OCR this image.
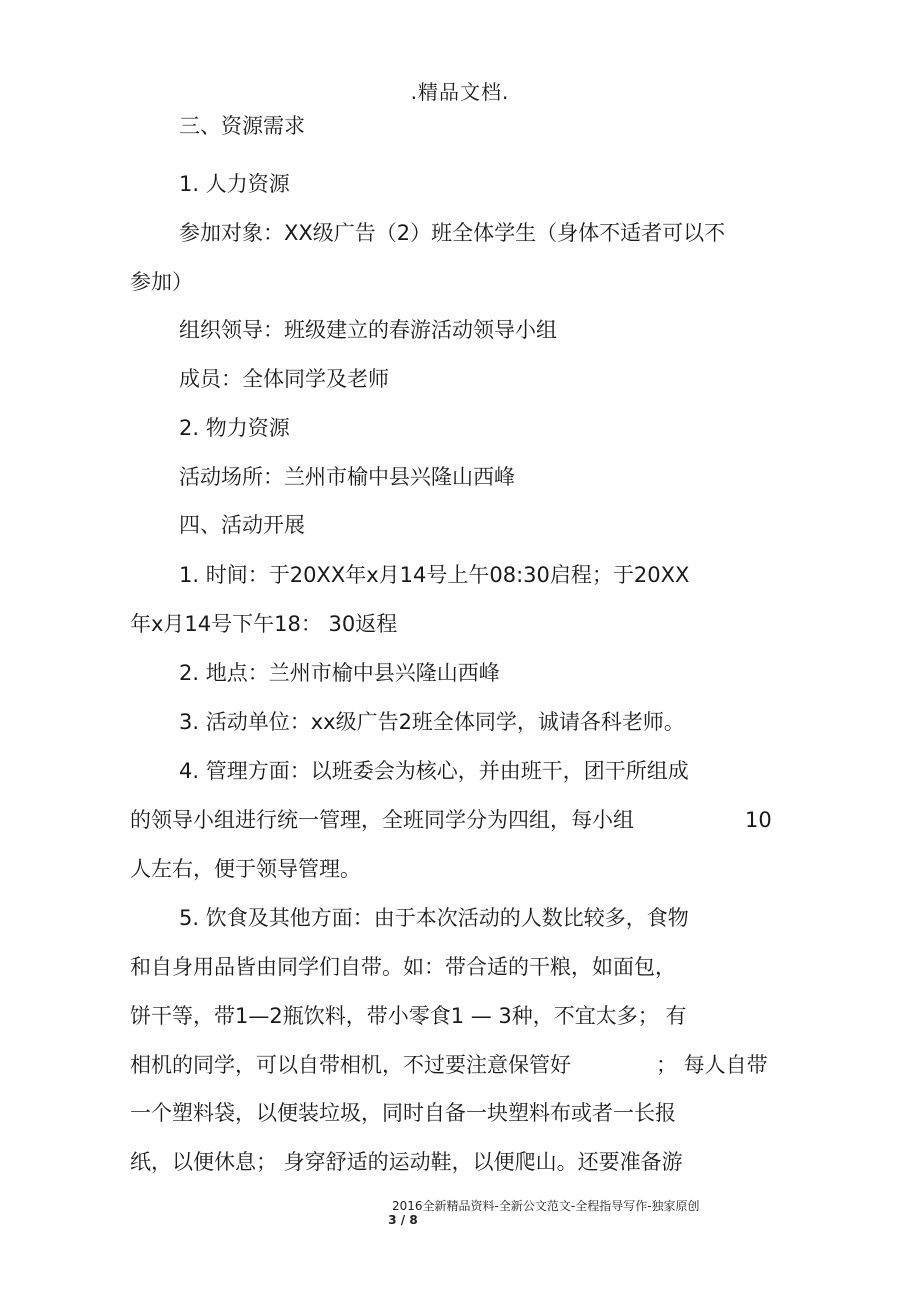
.精品文档.
三、资源需求
1. 人力资源
参加对象：XX级广告（2）班全体学生（身体不适者可以不
参加）
组织领导：班级建立的春游活动领导小组
成员：全体同学及老师
2. 物力资源
活动场所：兰州市榆中县兴隆山西峰
四、活动开展
1. 时间：于20XX年x月14号上午08:30启程；于20XX
年x月14号下午18： 30返程
2. 地点：兰州市榆中县兴隆山西峰
3. 活动单位：xx级广告2班全体同学，诚请各科老师。
4. 管理方面：以班委会为核心，并由班干，团干所组成
的领导小组进行统一管理，全班同学分为四组，每小组	10
人左右，便于领导管理。
5. 饮食及其他方面：由于本次活动的人数比较多，食物
和自身用品皆由同学们自带。如：带合适的干粮，如面包，
饼干等，带1—2瓶饮料，带小零食1 — 3种，不宜太多； 有
相机的同学，可以自带相机，不过要注意保管好	； 每人自带
一个塑料袋，以便装垃圾，同时自备一块塑料布或者一长报
纸，以便休息； 身穿舒适的运动鞋，以便爬山。还要准备游
2016全新精品资料-全新公文范文-全程指导写作-独家原创
3 / 8
